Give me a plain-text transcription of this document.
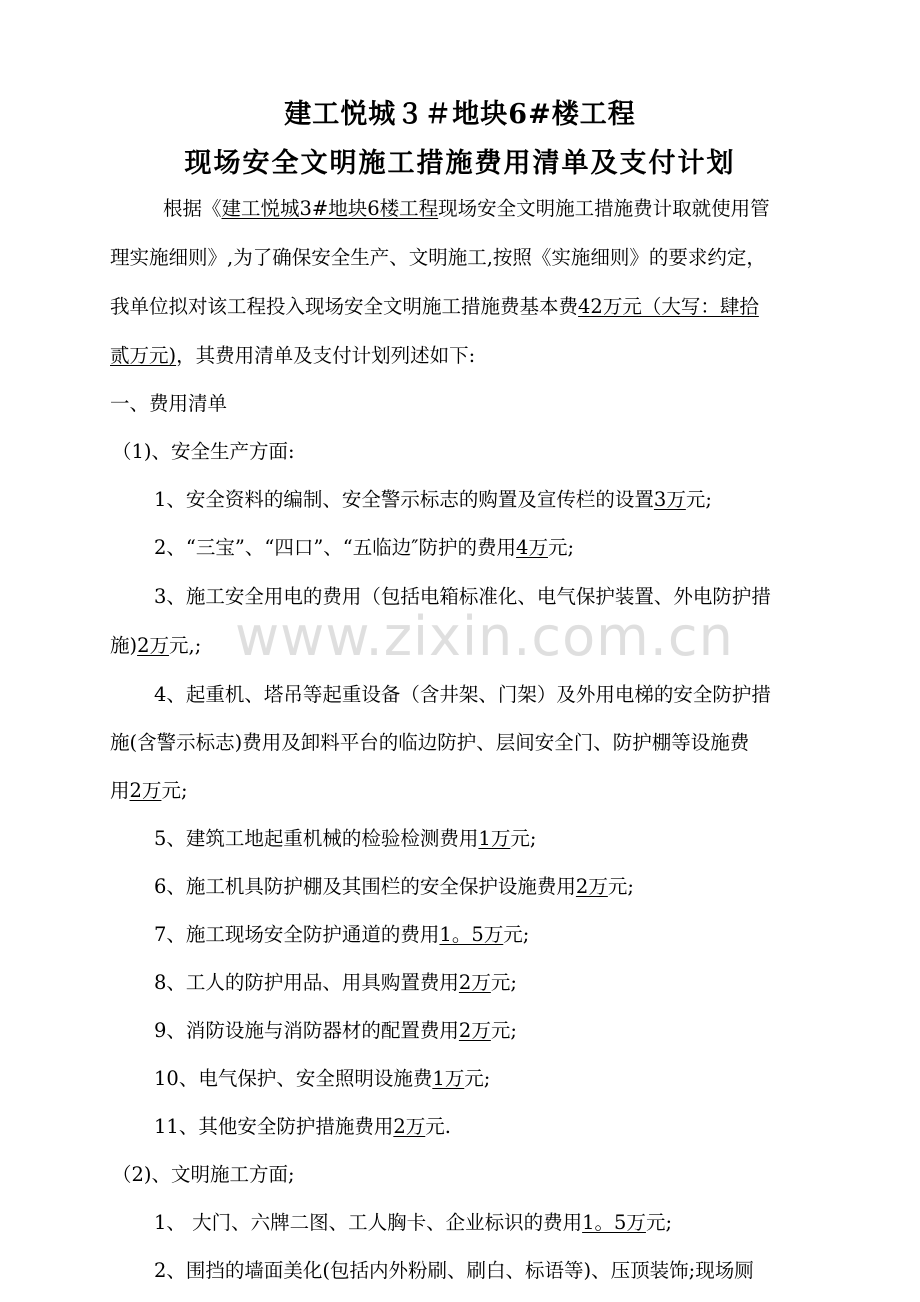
建工悦城３＃地块6#楼工程
现场安全文明施工措施费用清单及支付计划
根据《建工悦城3#地块6楼工程现场安全文明施工措施费计取就使用管
理实施细则》,为了确保安全生产、文明施工,按照《实施细则》的要求约定，
我单位拟对该工程投入现场安全文明施工措施费基本费42万元（大写：肆拾
贰万元)，其费用清单及支付计划列述如下:
一、费用清单
（1)、安全生产方面:
1、安全资料的编制、安全警示标志的购置及宣传栏的设置3万元;
2、“三宝”、“四口”、“五临边″防护的费用4万元;
3、施工安全用电的费用（包括电箱标准化、电气保护装置、外电防护措
施)2万元,;
4、起重机、塔吊等起重设备（含井架、门架）及外用电梯的安全防护措
施(含警示标志)费用及卸料平台的临边防护、层间安全门、防护棚等设施费
用2万元;
5、建筑工地起重机械的检验检测费用1万元;
6、施工机具防护棚及其围栏的安全保护设施费用2万元;
7、施工现场安全防护通道的费用1。5万元;
8、工人的防护用品、用具购置费用2万元;
9、消防设施与消防器材的配置费用2万元;
10、电气保护、安全照明设施费1万元;
11、其他安全防护措施费用2万元.
（2)、文明施工方面;
1、 大门、六牌二图、工人胸卡、企业标识的费用1。5万元;
2、围挡的墙面美化(包括内外粉刷、刷白、标语等)、压顶装饰;现场厕
www.zixin.com.cn
